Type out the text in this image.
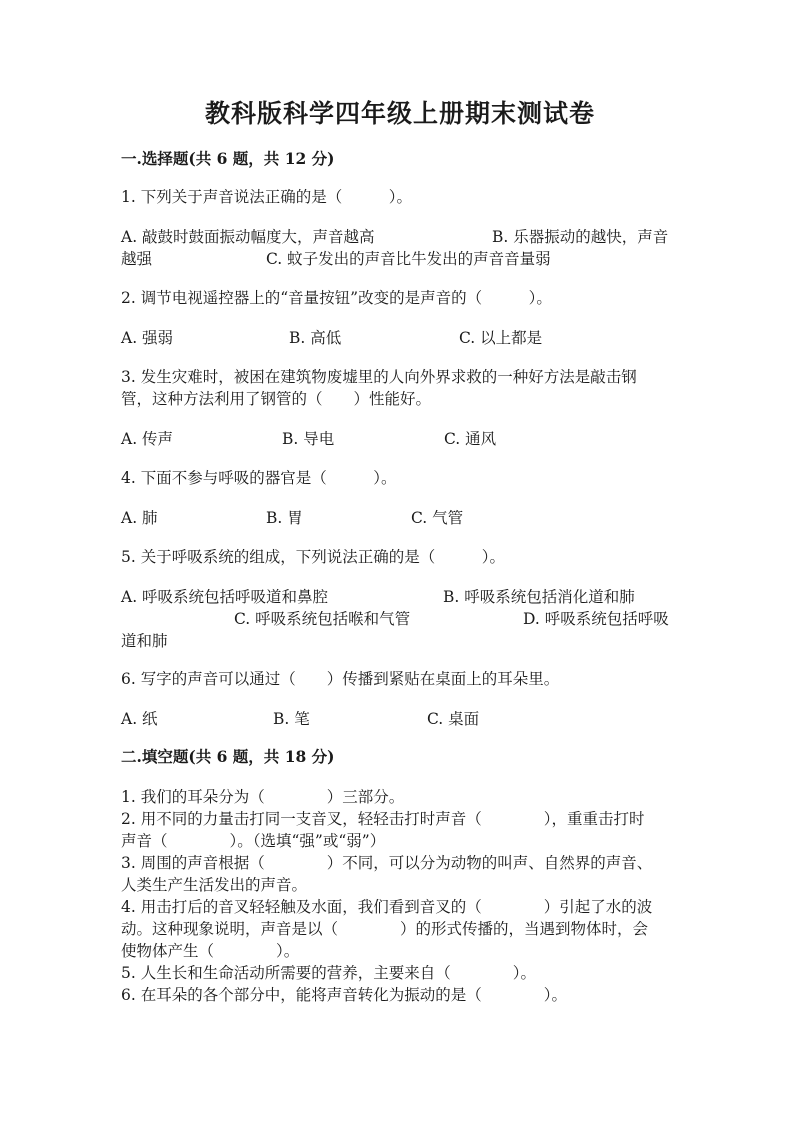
教科版科学四年级上册期末测试卷
一.选择题(共 6 题，共 12 分)
1. 下列关于声音说法正确的是（　　　）。
A. 敲鼓时鼓面振动幅度大，声音越高	B. 乐器振动的越快，声音
越强	C. 蚊子发出的声音比牛发出的声音音量弱
2. 调节电视遥控器上的“音量按钮”改变的是声音的（　　　）。
A. 强弱	B. 高低	C. 以上都是
3. 发生灾难时，被困在建筑物废墟里的人向外界求救的一种好方法是敲击钢
管，这种方法利用了钢管的（　　）性能好。
A. 传声	B. 导电	C. 通风
4. 下面不参与呼吸的器官是（　　　）。
A. 肺	B. 胃	C. 气管
5. 关于呼吸系统的组成，下列说法正确的是（　　　）。
A. 呼吸系统包括呼吸道和鼻腔	B. 呼吸系统包括消化道和肺
C. 呼吸系统包括喉和气管	D. 呼吸系统包括呼吸
道和肺
6. 写字的声音可以通过（　　）传播到紧贴在桌面上的耳朵里。
A. 纸	B. 笔	C. 桌面
二.填空题(共 6 题，共 18 分)
1. 我们的耳朵分为（　　　　）三部分。
2. 用不同的力量击打同一支音叉，轻轻击打时声音（　　　　），重重击打时
声音（　　　　）。（选填“强”或“弱”）
3. 周围的声音根据（　　　　）不同，可以分为动物的叫声、自然界的声音、
人类生产生活发出的声音。
4. 用击打后的音叉轻轻触及水面，我们看到音叉的（　　　　）引起了水的波
动。这种现象说明，声音是以（　　　　）的形式传播的，当遇到物体时，会
使物体产生（　　　　）。
5. 人生长和生命活动所需要的营养，主要来自（　　　　）。
6. 在耳朵的各个部分中，能将声音转化为振动的是（　　　　）。
